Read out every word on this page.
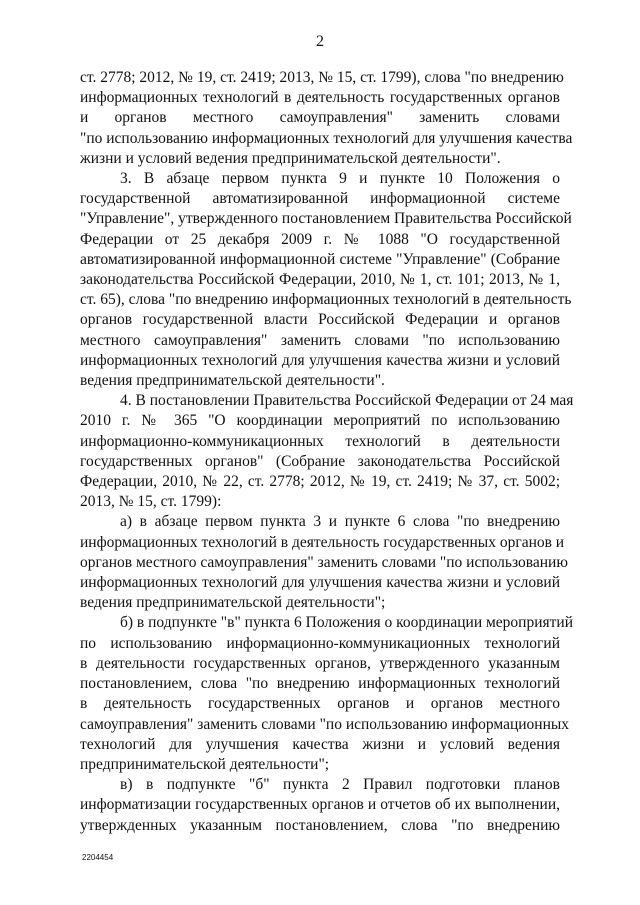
2
ст. 2778; 2012, № 19, ст. 2419; 2013, № 15, ст. 1799), слова "по внедрению
информационных технологий в деятельность государственных органов
и органов местного самоуправления" заменить словами
"по использованию информационных технологий для улучшения качества
жизни и условий ведения предпринимательской деятельности".
3. В абзаце первом пункта 9 и пункте 10 Положения о
государственной автоматизированной информационной системе
"Управление", утвержденного постановлением Правительства Российской
Федерации от 25 декабря 2009 г. № 1088 "О государственной
автоматизированной информационной системе "Управление" (Собрание
законодательства Российской Федерации, 2010, № 1, ст. 101; 2013, № 1,
ст. 65), слова "по внедрению информационных технологий в деятельность
органов государственной власти Российской Федерации и органов
местного самоуправления" заменить словами "по использованию
информационных технологий для улучшения качества жизни и условий
ведения предпринимательской деятельности".
4. В постановлении Правительства Российской Федерации от 24 мая
2010 г. № 365 "О координации мероприятий по использованию
информационно-коммуникационных технологий в деятельности
государственных органов" (Собрание законодательства Российской
Федерации, 2010, № 22, ст. 2778; 2012, № 19, ст. 2419; № 37, ст. 5002;
2013, № 15, ст. 1799):
а) в абзаце первом пункта 3 и пункте 6 слова "по внедрению
информационных технологий в деятельность государственных органов и
органов местного самоуправления" заменить словами "по использованию
информационных технологий для улучшения качества жизни и условий
ведения предпринимательской деятельности";
б) в подпункте "в" пункта 6 Положения о координации мероприятий
по использованию информационно-коммуникационных технологий
в деятельности государственных органов, утвержденного указанным
постановлением, слова "по внедрению информационных технологий
в деятельность государственных органов и органов местного
самоуправления" заменить словами "по использованию информационных
технологий для улучшения качества жизни и условий ведения
предпринимательской деятельности";
в) в подпункте "б" пункта 2 Правил подготовки планов
информатизации государственных органов и отчетов об их выполнении,
утвержденных указанным постановлением, слова "по внедрению
2204454
